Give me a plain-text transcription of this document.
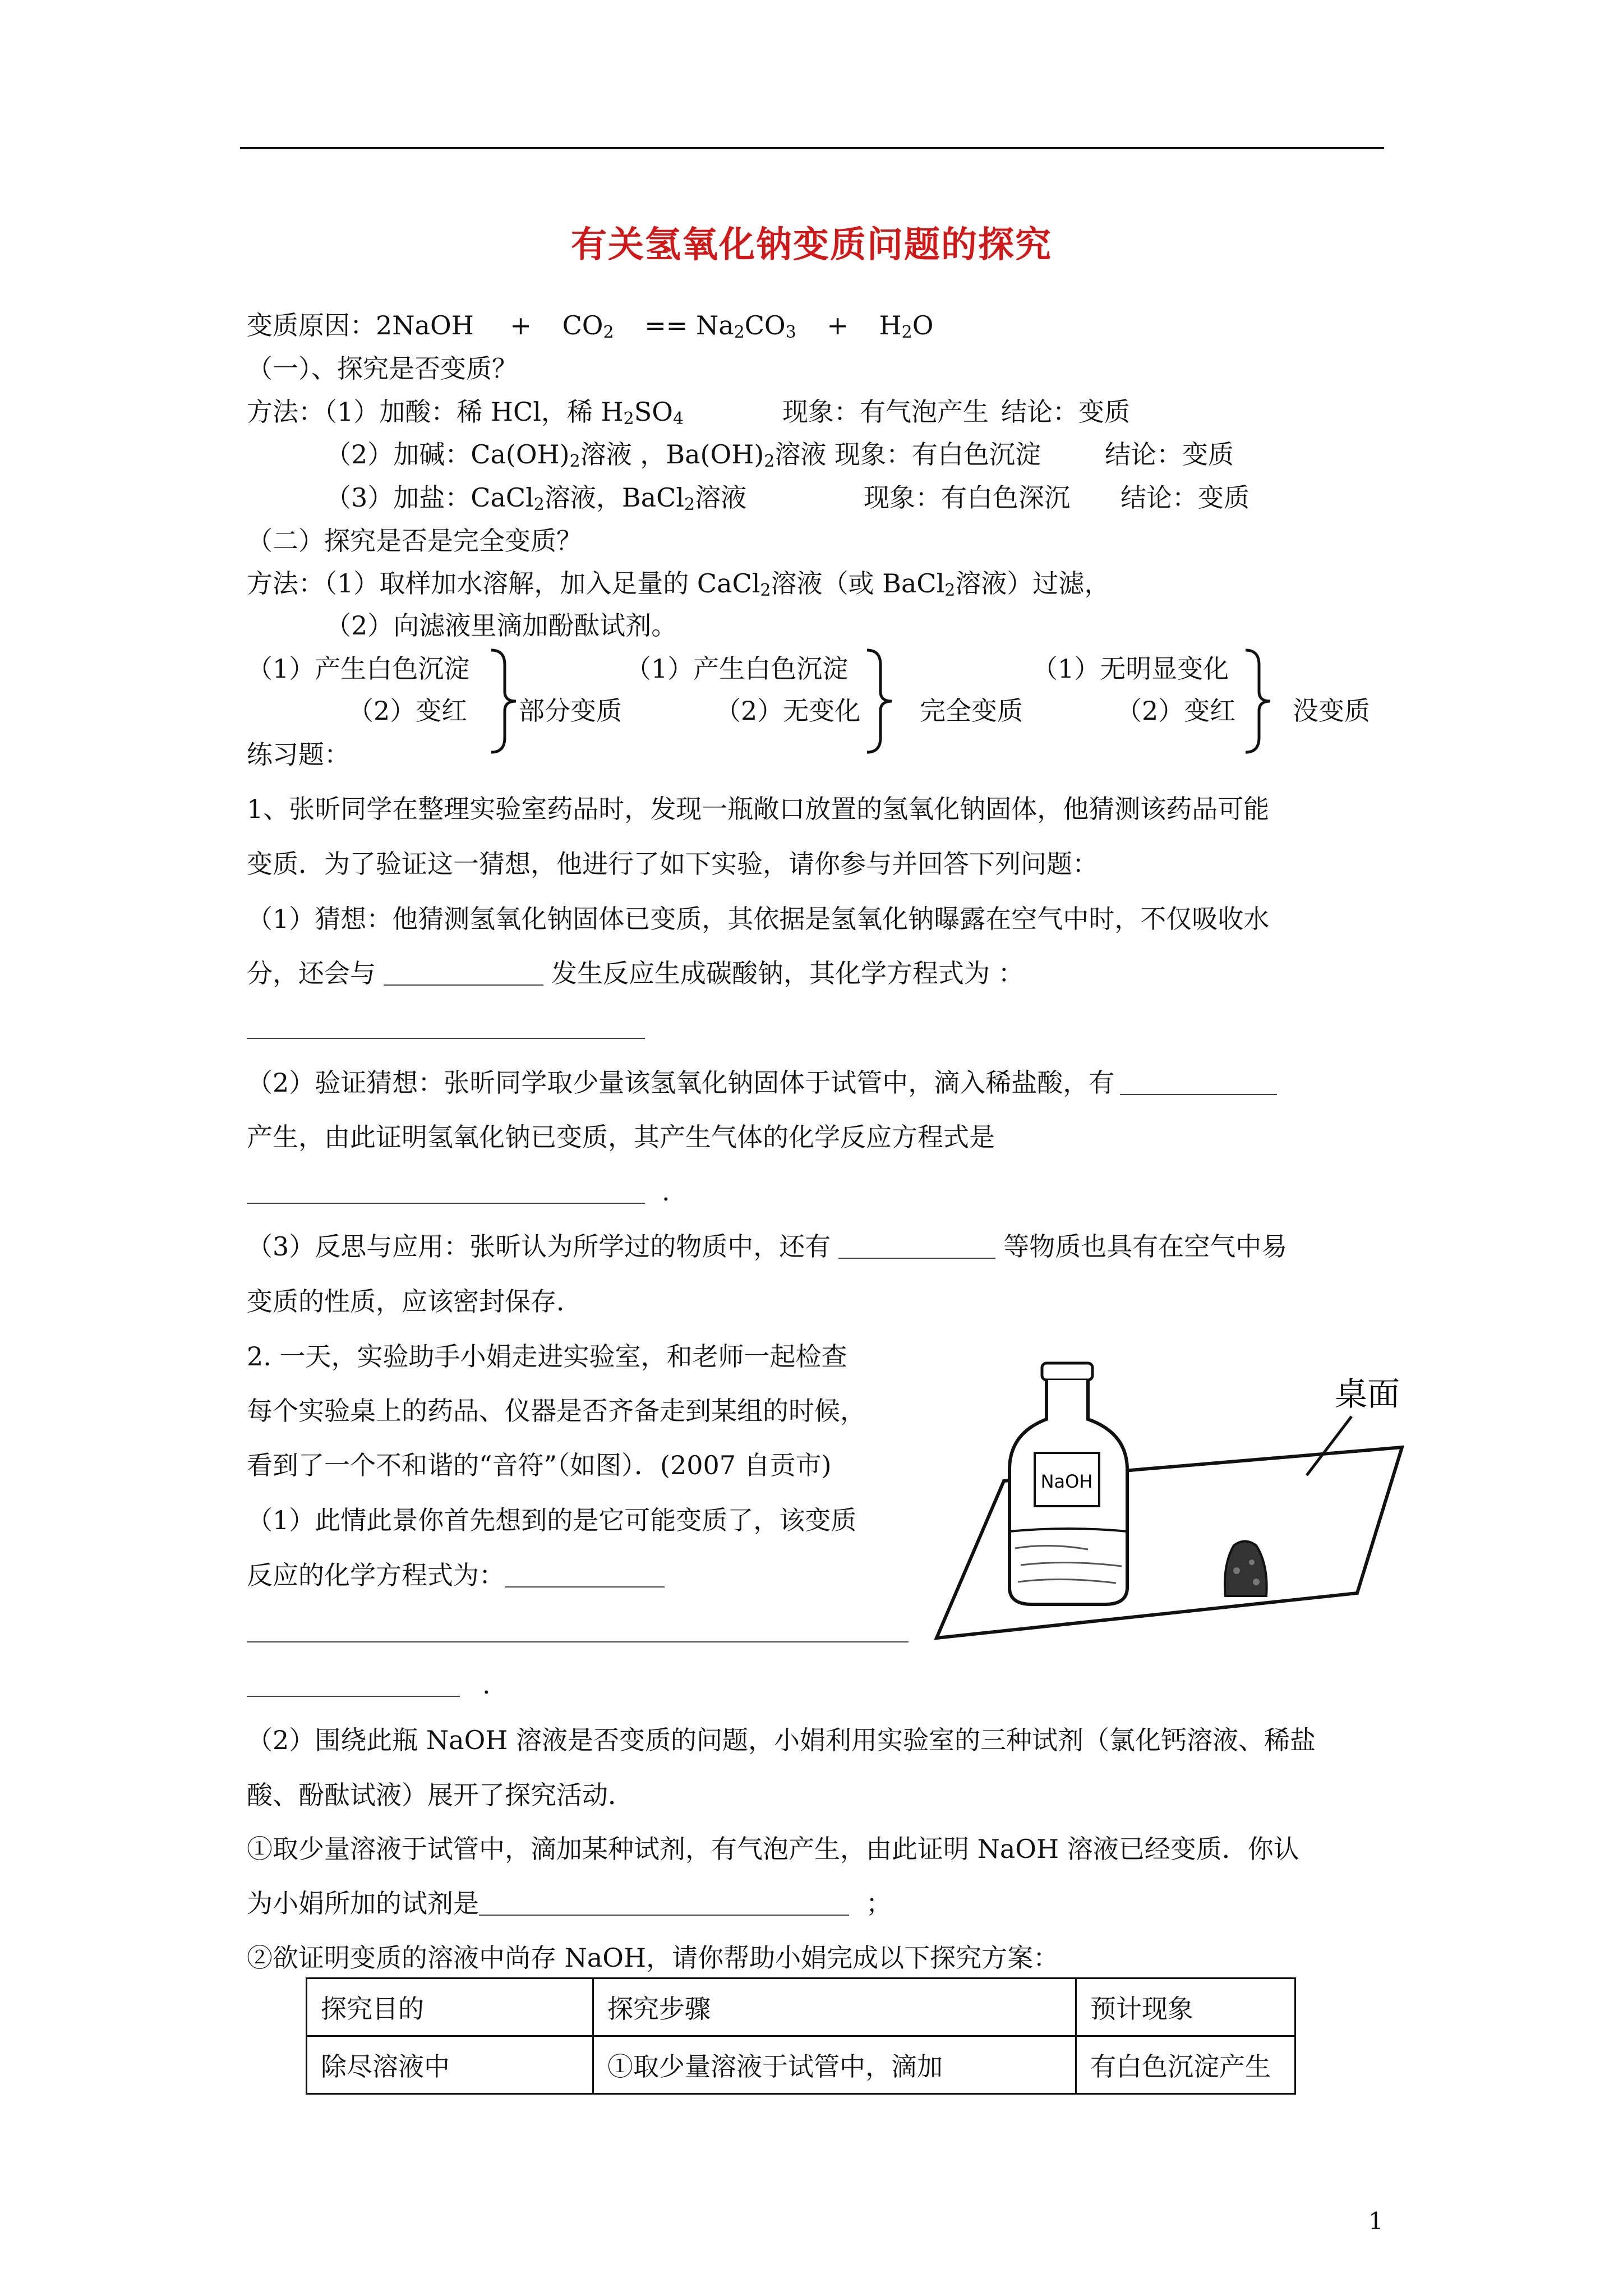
有关氢氧化钠变质问题的探究
变质原因：2NaOH + $CO_2 == Na_2CO_3 + H_2O$
（一）、探究是否变质？
方法：（1）加酸：稀 HCl，稀 $H_2SO_4$	现象：有气泡产生 结论：变质
（2）加碱：$Ca(OH)_2$溶液 ，$Ba(OH)_2$溶液 现象：有白色沉淀 结论：变质
（3）加盐：CaCl$_2$溶液，BaCl$_2$溶液	现象：有白色深沉 结论：变质
（二）探究是否是完全变质？
方法：（1）取样加水溶解，加入足量的 CaCl$_2$溶液（或 BaCl$_2$溶液）过滤，
（2）向滤液里滴加酚酞试剂。
（1）产生白色沉淀
（2）变红 部分变质
（1）产生白色沉淀
（2）无变化 完全变质
（1）无明显变化
（2）变红 没变质
练习题：
1、张昕同学在整理实验室药品时，发现一瓶敞口放置的氢氧化钠固体，他猜测该药品可能
变质．为了验证这一猜想，他进行了如下实验，请你参与并回答下列问题：
（1）猜想：他猜测氢氧化钠固体已变质，其依据是氢氧化钠曝露在空气中时，不仅吸收水
分，还会与	发生反应生成碳酸钠，其化学方程式为 ：
（2）验证猜想：张昕同学取少量该氢氧化钠固体于试管中，滴入稀盐酸，有
产生，由此证明氢氧化钠已变质，其产生气体的化学反应方程式是
.
（3）反思与应用：张昕认为所学过的物质中，还有	等物质也具有在空气中易
变质的性质，应该密封保存．
2. 一天，实验助手小娟走进实验室，和老师一起检查
每个实验桌上的药品、仪器是否齐备走到某组的时候，
看到了一个不和谐的“音符”（如图）．(2007 自贡市)
（1）此情此景你首先想到的是它可能变质了，该变质
反应的化学方程式为：
.
NaOH
桌面
（2）围绕此瓶 NaOH 溶液是否变质的问题，小娟利用实验室的三种试剂（氯化钙溶液、稀盐
酸、酚酞试液）展开了探究活动．
①取少量溶液于试管中，滴加某种试剂，有气泡产生，由此证明 NaOH 溶液已经变质．你认
为小娟所加的试剂是	；
②欲证明变质的溶液中尚存 NaOH，请你帮助小娟完成以下探究方案：
探究目的	探究步骤	预计现象
除尽溶液中	①取少量溶液于试管中，滴加	有白色沉淀产生
1
